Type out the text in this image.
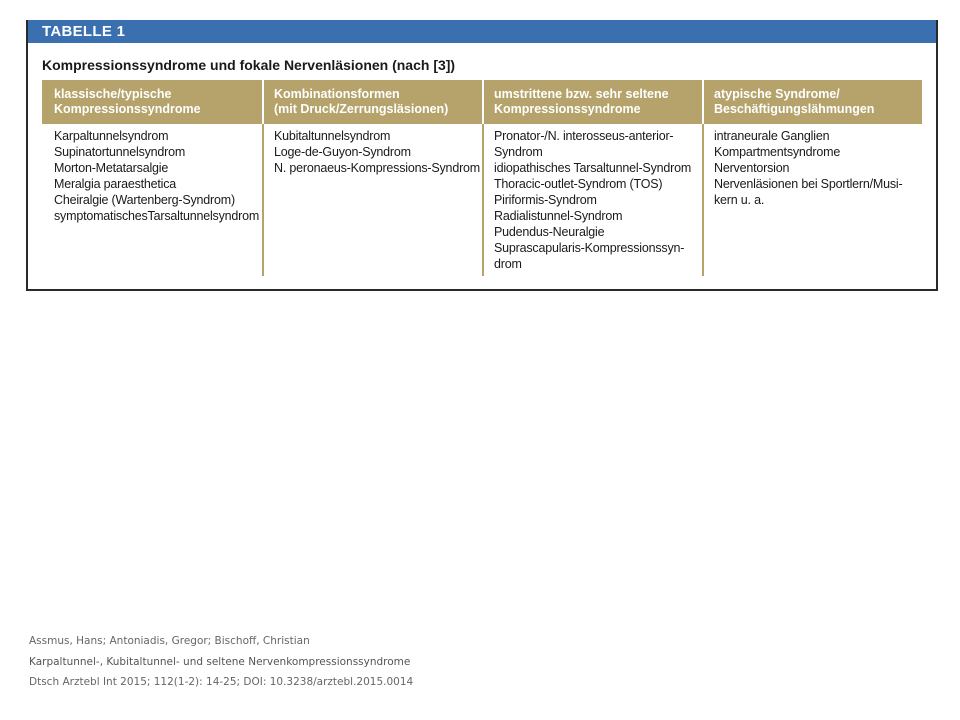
TABELLE 1
Kompressionssyndrome und fokale Nervenläsionen (nach [3])
klassische/typische
Kompressionssyndrome
Kombinationsformen
(mit Druck/Zerrungsläsionen)
umstrittene bzw. sehr seltene
Kompressionssyndrome
atypische Syndrome/
Beschäftigungslähmungen
Karpaltunnelsyndrom
Supinatortunnelsyndrom
Morton-Metatarsalgie
Meralgia paraesthetica
Cheiralgie (Wartenberg-Syndrom)
symptomatischesTarsaltunnelsyndrom
Kubitaltunnelsyndrom
Loge-de-Guyon-Syndrom
N. peronaeus-Kompressions-Syndrom
Pronator-/N. interosseus-anterior-
Syndrom
idiopathisches Tarsaltunnel-Syndrom
Thoracic-outlet-Syndrom (TOS)
Piriformis-Syndrom
Radialistunnel-Syndrom
Pudendus-Neuralgie
Suprascapularis-Kompressionssyn-
drom
intraneurale Ganglien
Kompartmentsyndrome
Nerventorsion
Nervenläsionen bei Sportlern/Musi-
kern u. a.
Assmus, Hans; Antoniadis, Gregor; Bischoff, Christian
Karpaltunnel-, Kubitaltunnel- und seltene Nervenkompressionssyndrome
Dtsch Arztebl Int 2015; 112(1-2): 14-25; DOI: 10.3238/arztebl.2015.0014
